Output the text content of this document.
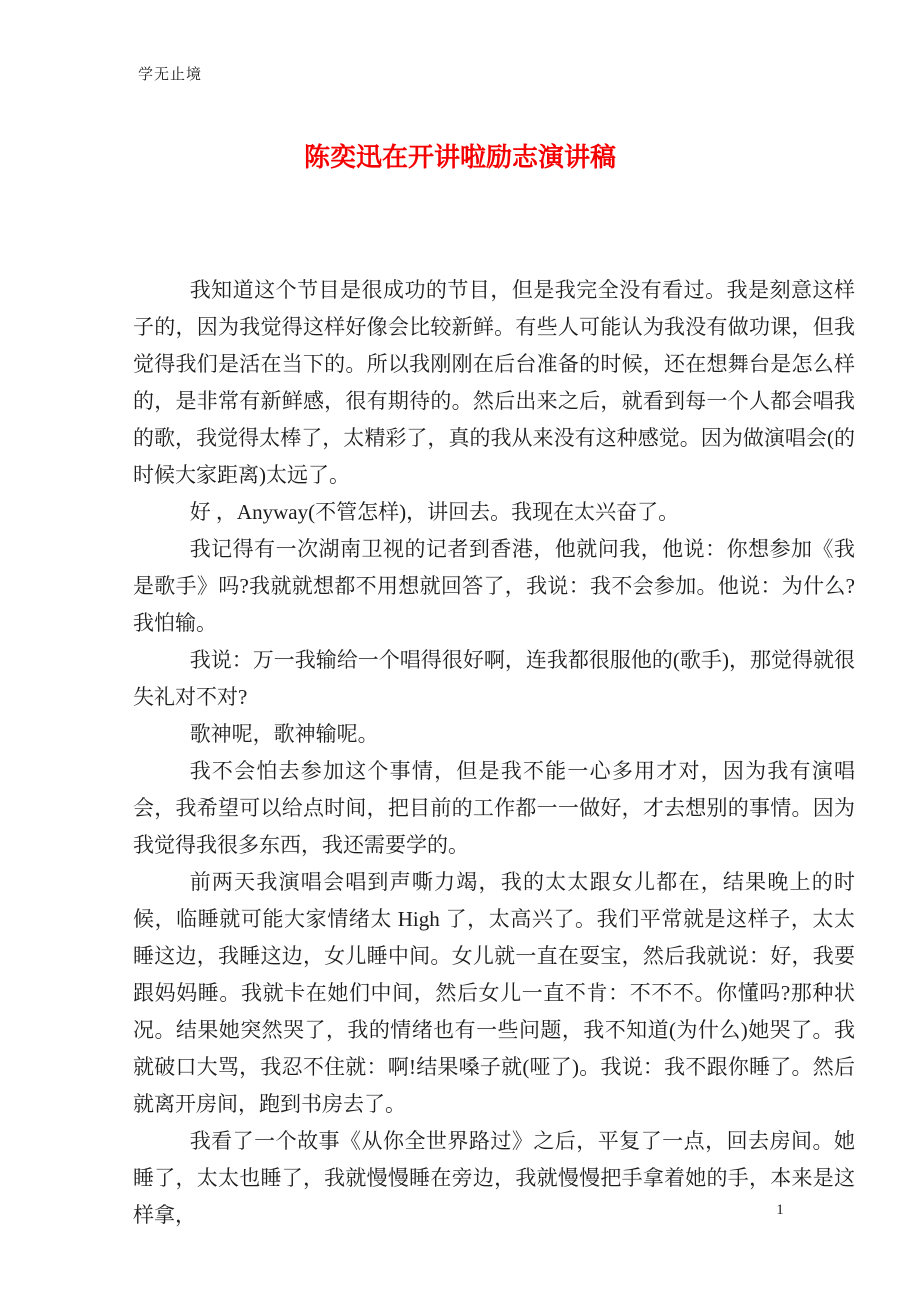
学无止境
陈奕迅在开讲啦励志演讲稿

我知道这个节目是很成功的节目，但是我完全没有看过。我是刻意这样子的，因为我觉得这样好像会比较新鲜。有些人可能认为我没有做功课，但我觉得我们是活在当下的。所以我刚刚在后台准备的时候，还在想舞台是怎么样的，是非常有新鲜感，很有期待的。然后出来之后，就看到每一个人都会唱我的歌，我觉得太棒了，太精彩了，真的我从来没有这种感觉。因为做演唱会(的时候大家距离)太远了。

好 ，Anyway(不管怎样)，讲回去。我现在太兴奋了。

我记得有一次湖南卫视的记者到香港，他就问我，他说：你想参加《我是歌手》吗?我就就想都不用想就回答了，我说：我不会参加。他说：为什么?我怕输。

我说：万一我输给一个唱得很好啊，连我都很服他的(歌手)，那觉得就很失礼对不对?

歌神呢，歌神输呢。

我不会怕去参加这个事情，但是我不能一心多用才对，因为我有演唱会，我希望可以给点时间，把目前的工作都一一做好，才去想别的事情。因为我觉得我很多东西，我还需要学的。

前两天我演唱会唱到声嘶力竭，我的太太跟女儿都在，结果晚上的时候，临睡就可能大家情绪太 High 了，太高兴了。我们平常就是这样子，太太睡这边，我睡这边，女儿睡中间。女儿就一直在耍宝，然后我就说：好，我要跟妈妈睡。我就卡在她们中间，然后女儿一直不肯：不不不。你懂吗?那种状况。结果她突然哭了，我的情绪也有一些问题，我不知道(为什么)她哭了。我就破口大骂，我忍不住就：啊!结果嗓子就(哑了)。我说：我不跟你睡了。然后就离开房间，跑到书房去了。

我看了一个故事《从你全世界路过》之后，平复了一点，回去房间。她睡了，太太也睡了，我就慢慢睡在旁边，我就慢慢把手拿着她的手，本来是这样拿，	1
